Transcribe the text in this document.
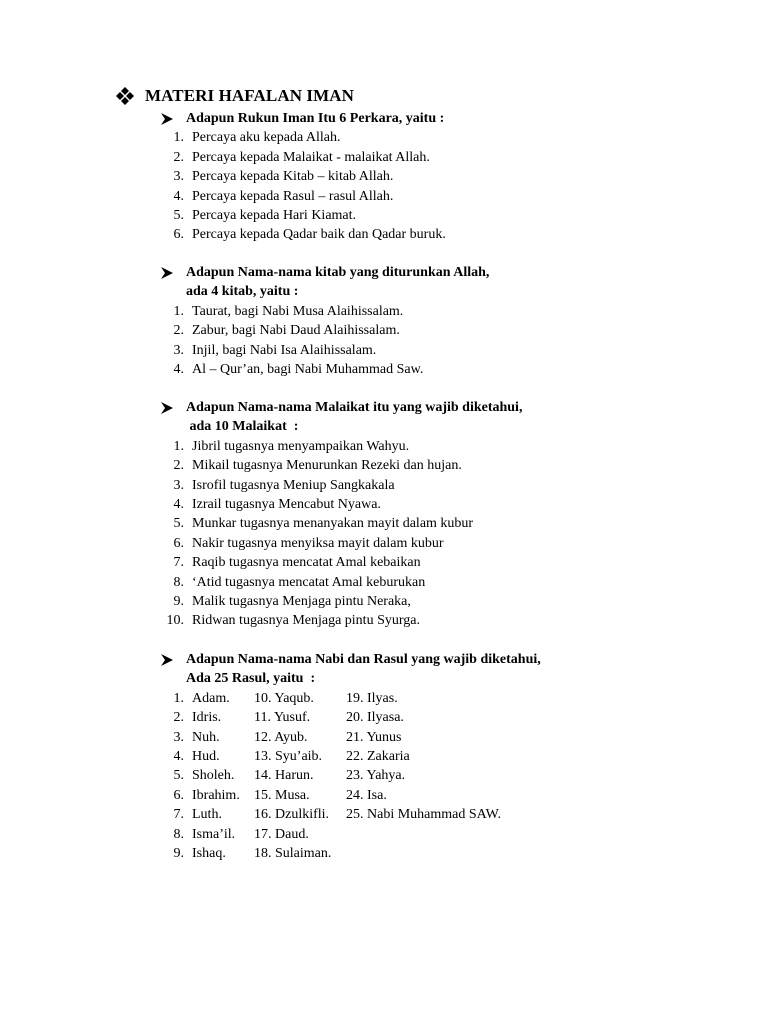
MATERI HAFALAN IMAN
Adapun Rukun Iman Itu 6 Perkara, yaitu :
1. Percaya aku kepada Allah.
2. Percaya kepada Malaikat - malaikat Allah.
3. Percaya kepada Kitab – kitab Allah.
4. Percaya kepada Rasul – rasul Allah.
5. Percaya kepada Hari Kiamat.
6. Percaya kepada Qadar baik dan Qadar buruk.
Adapun Nama-nama kitab yang diturunkan Allah,
ada 4 kitab, yaitu :
1. Taurat, bagi Nabi Musa Alaihissalam.
2. Zabur, bagi Nabi Daud Alaihissalam.
3. Injil, bagi Nabi Isa Alaihissalam.
4. Al – Qur’an, bagi Nabi Muhammad Saw.
Adapun Nama-nama Malaikat itu yang wajib diketahui,
ada 10 Malaikat  :
1. Jibril tugasnya menyampaikan Wahyu.
2. Mikail tugasnya Menurunkan Rezeki dan hujan.
3. Isrofil tugasnya Meniup Sangkakala
4. Izrail tugasnya Mencabut Nyawa.
5. Munkar tugasnya menanyakan mayit dalam kubur
6. Nakir tugasnya menyiksa mayit dalam kubur
7. Raqib tugasnya mencatat Amal kebaikan
8. ‘Atid tugasnya mencatat Amal keburukan
9. Malik tugasnya Menjaga pintu Neraka,
10. Ridwan tugasnya Menjaga pintu Syurga.
Adapun Nama-nama Nabi dan Rasul yang wajib diketahui,
Ada 25 Rasul, yaitu  :
1. Adam.	10. Yaqub.	19. Ilyas.
2. Idris.	11. Yusuf.	20. Ilyasa.
3. Nuh.	12. Ayub.	21. Yunus
4. Hud.	13. Syu’aib.	22. Zakaria
5. Sholeh.	14. Harun.	23. Yahya.
6. Ibrahim.	15. Musa.	24. Isa.
7. Luth.	16. Dzulkifli.	25. Nabi Muhammad SAW.
8. Isma’il.	17. Daud.
9. Ishaq.	18. Sulaiman.
